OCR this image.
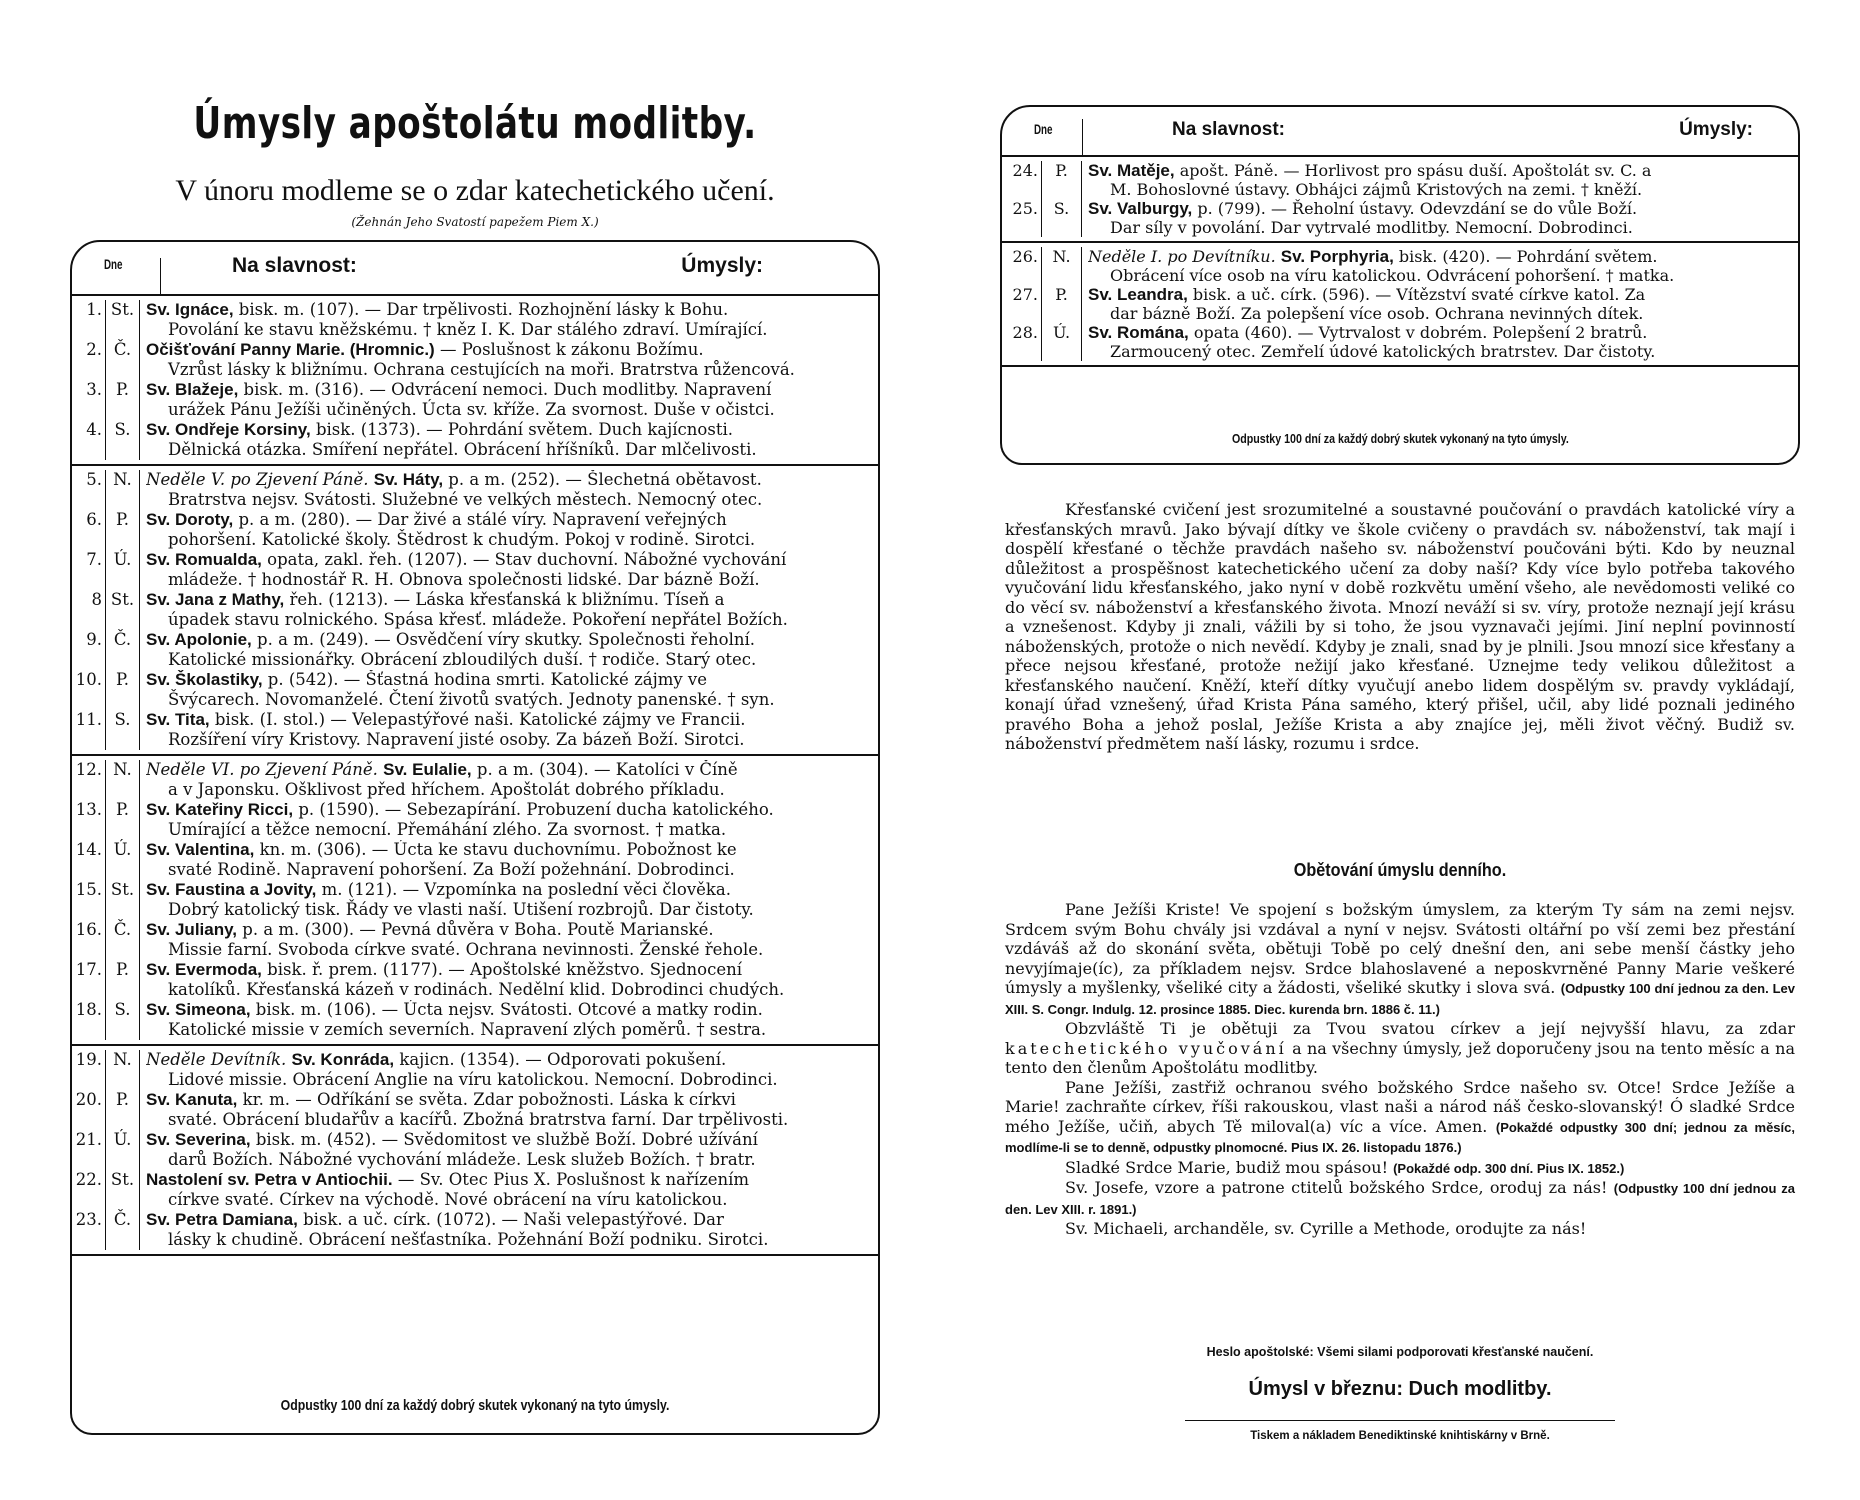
Úmysly apoštolátu modlitby.
V únoru modleme se o zdar katechetického učení.
(Žehnán Jeho Svatostí papežem Piem X.)
Dne	Na slavnost:	Úmysly:
1. St. Sv. Ignáce, bisk. m. (107). — Dar trpělivosti. Rozhojnění lásky k Bohu.
Povolání ke stavu kněžskému. † kněz I. K. Dar stálého zdraví. Umírající.
2. Č. Očišťování Panny Marie. (Hromnic.) — Poslušnost k zákonu Božímu.
Vzrůst lásky k bližnímu. Ochrana cestujících na moři. Bratrstva růžencová.
3. P.	Sv. Blažeje, bisk. m. (316). — Odvrácení nemoci. Duch modlitby. Napravení
urážek Pánu Ježíši učiněných. Úcta sv. kříže. Za svornost. Duše v očistci.
4. S. Sv. Ondřeje Korsiny, bisk. (1373). — Pohrdání světem. Duch kajícnosti.
Dělnická otázka. Smíření nepřátel. Obrácení hříšníků. Dar mlčelivosti.
5. N. Neděle V. po Zjevení Páně. Sv. Háty, p. a m. (252). — Šlechetná obětavost.
Bratrstva nejsv. Svátosti. Služebné ve velkých městech. Nemocný otec.
6. P.	Sv. Doroty, p. a m. (280). — Dar živé a stálé víry. Napravení veřejných
pohoršení. Katolické školy. Štědrost k chudým. Pokoj v rodině. Sirotci.
7. Ú. Sv. Romualda, opata, zakl. řeh. (1207). — Stav duchovní. Nábožné vychování
mládeže. † hodnostář R. H. Obnova společnosti lidské. Dar bázně Boží.
8 St. Sv. Jana z Mathy, řeh. (1213). — Láska křesťanská k bližnímu. Tíseň a
úpadek stavu rolnického. Spása křesť. mládeže. Pokoření nepřátel Božích.
9. Č. Sv. Apolonie, p. a m. (249). — Osvědčení víry skutky. Společnosti řeholní.
Katolické missionářky. Obrácení zbloudilých duší. † rodiče. Starý otec.
10. P.	Sv. Školastiky, p. (542). — Šťastná hodina smrti. Katolické zájmy ve
Švýcarech. Novomanželé. Čtení životů svatých. Jednoty panenské. † syn.
11. S. Sv. Tita, bisk. (I. stol.) — Velepastýřové naši. Katolické zájmy ve Francii.
Rozšíření víry Kristovy. Napravení jisté osoby. Za bázeň Boží. Sirotci.
12. N. Neděle VI. po Zjevení Páně. Sv. Eulalie, p. a m. (304). — Katolíci v Číně
a v Japonsku. Ošklivost před hříchem. Apoštolát dobrého příkladu.
13. P.	Sv. Kateřiny Ricci, p. (1590). — Sebezapírání. Probuzení ducha katolického.
Umírající a těžce nemocní. Přemáhání zlého. Za svornost. † matka.
14. Ú. Sv. Valentina, kn. m. (306). — Úcta ke stavu duchovnímu. Pobožnost ke
svaté Rodině. Napravení pohoršení. Za Boží požehnání. Dobrodinci.
15. St. Sv. Faustina a Jovity, m. (121). — Vzpomínka na poslední věci člověka.
Dobrý katolický tisk. Řády ve vlasti naší. Utišení rozbrojů. Dar čistoty.
16. Č. Sv. Juliany, p. a m. (300). — Pevná důvěra v Boha. Poutě Marianské.
Missie farní. Svoboda církve svaté. Ochrana nevinnosti. Ženské řehole.
17. P.	Sv. Evermoda, bisk. ř. prem. (1177). — Apoštolské kněžstvo. Sjednocení
katolíků. Křesťanská kázeň v rodinách. Nedělní klid. Dobrodinci chudých.
18. S. Sv. Simeona, bisk. m. (106). — Úcta nejsv. Svátosti. Otcové a matky rodin.
Katolické missie v zemích severních. Napravení zlých poměrů. † sestra.
19. N. Neděle Devítník. Sv. Konráda, kajicn. (1354). — Odporovati pokušení.
Lidové missie. Obrácení Anglie na víru katolickou. Nemocní. Dobrodinci.
20. P.	Sv. Kanuta, kr. m. — Odříkání se světa. Zdar pobožnosti. Láska k církvi
svaté. Obrácení bludařův a kacířů. Zbožná bratrstva farní. Dar trpělivosti.
21. Ú. Sv. Severina, bisk. m. (452). — Svědomitost ve službě Boží. Dobré užívání
darů Božích. Nábožné vychování mládeže. Lesk služeb Božích. † bratr.
22. St. Nastolení sv. Petra v Antiochii. — Sv. Otec Pius X. Poslušnost k nařízením
církve svaté. Církev na východě. Nové obrácení na víru katolickou.
23. Č. Sv. Petra Damiana, bisk. a uč. círk. (1072). — Naši velepastýřové. Dar
lásky k chudině. Obrácení nešťastníka. Požehnání Boží podniku. Sirotci.
Odpustky 100 dní za každý dobrý skutek vykonaný na tyto úmysly.
Dne	Na slavnost:	Úmysly:
24.	P.	Sv. Matěje, apošt. Páně. — Horlivost pro spásu duší. Apoštolát sv. C. a
M. Bohoslovné ústavy. Obhájci zájmů Kristových na zemi. † kněží.
25. S.	Sv. Valburgy, p. (799). — Řeholní ústavy. Odevzdání se do vůle Boží.
Dar síly v povolání. Dar vytrvalé modlitby. Nemocní. Dobrodinci.
26. N.	Neděle I. po Devítníku. Sv. Porphyria, bisk. (420). — Pohrdání světem.
Obrácení více osob na víru katolickou. Odvrácení pohoršení. † matka.
27.	P.	Sv. Leandra, bisk. a uč. círk. (596). — Vítězství svaté církve katol. Za
dar bázně Boží. Za polepšení více osob. Ochrana nevinných dítek.
28. Ú.	Sv. Romána, opata (460). — Vytrvalost v dobrém. Polepšení 2 bratrů.
Zarmoucený otec. Zemřelí údové katolických bratrstev. Dar čistoty.
Odpustky 100 dní za každý dobrý skutek vykonaný na tyto úmysly.
Křesťanské cvičení jest srozumitelné a soustavné poučování o pravdách katolické víry a křesťanských mravů. Jako bývají dítky ve škole cvičeny o pravdách sv. náboženství, tak mají i dospělí křesťané o těchže pravdách našeho sv. náboženství poučováni býti. Kdo by neuznal důležitost a prospěšnost katechetického učení za doby naší? Kdy více bylo potřeba takového vyučování lidu křesťanského, jako nyní v době rozkvětu umění všeho, ale nevědomosti veliké co do věcí sv. náboženství a křesťanského života. Mnozí neváží si sv. víry, protože neznají její krásu a vznešenost. Kdyby ji znali, vážili by si toho, že jsou vyznavači jejími. Jiní neplní povinností náboženských, protože o nich nevědí. Kdyby je znali, snad by je plnili. Jsou mnozí sice křesťany a přece nejsou křesťané, protože nežijí jako křesťané. Uznejme tedy velikou důležitost a křesťanského naučení. Kněží, kteří dítky vyučují anebo lidem dospělým sv. pravdy vykládají, konají úřad vznešený, úřad Krista Pána samého, který přišel, učil, aby lidé poznali jediného pravého Boha a jehož poslal, Ježíše Krista a aby znajíce jej, měli život věčný. Budiž sv. náboženství předmětem naší lásky, rozumu i srdce.
Obětování úmyslu denního.

Pane Ježíši Kriste! Ve spojení s božským úmyslem, za kterým Ty sám na zemi nejsv. Srdcem svým Bohu chvály jsi vzdával a nyní v nejsv. Svátosti oltářní po vší zemi bez přestání vzdáváš až do skonání světa, obětuji Tobě po celý dnešní den, ani sebe menší částky jeho nevyjímaje(íc), za příkladem nejsv. Srdce blahoslavené a neposkvrněné Panny Marie veškeré úmysly a myšlenky, všeliké city a žádosti, všeliké skutky i slova svá. (Odpustky 100 dní jednou za den. Lev XIII. S. Congr. Indulg. 12. prosince 1885. Diec. kurenda brn. 1886 č. 11.)

Obzvláště Ti je obětuji za Tvou svatou církev a její nejvyšší hlavu, za zdar katechetického vyučování a na všechny úmysly, jež doporučeny jsou na tento měsíc a na tento den členům Apoštolátu modlitby.

Pane Ježíši, zastřiž ochranou svého božského Srdce našeho sv. Otce! Srdce Ježíše a Marie! zachraňte církev, říši rakouskou, vlast naši a národ náš česko-slovanský! Ó sladké Srdce mého Ježíše, učiň, abych Tě miloval(a) víc a více. Amen. (Pokaždé odpustky 300 dní; jednou za měsíc, modlíme-li se to denně, odpustky plnomocné. Pius IX. 26. listopadu 1876.)

Sladké Srdce Marie, budiž mou spásou! (Pokaždé odp. 300 dní. Pius IX. 1852.)

Sv. Josefe, vzore a patrone ctitelů božského Srdce, oroduj za nás! (Odpustky 100 dní jednou za den. Lev XIII. r. 1891.)

Sv. Michaeli, archanděle, sv. Cyrille a Methode, orodujte za nás!

Heslo apoštolské: Všemi silami podporovati křesťanské naučení.
Úmysl v březnu: Duch modlitby.
Tiskem a nákladem Benediktinské knihtiskárny v Brně.
